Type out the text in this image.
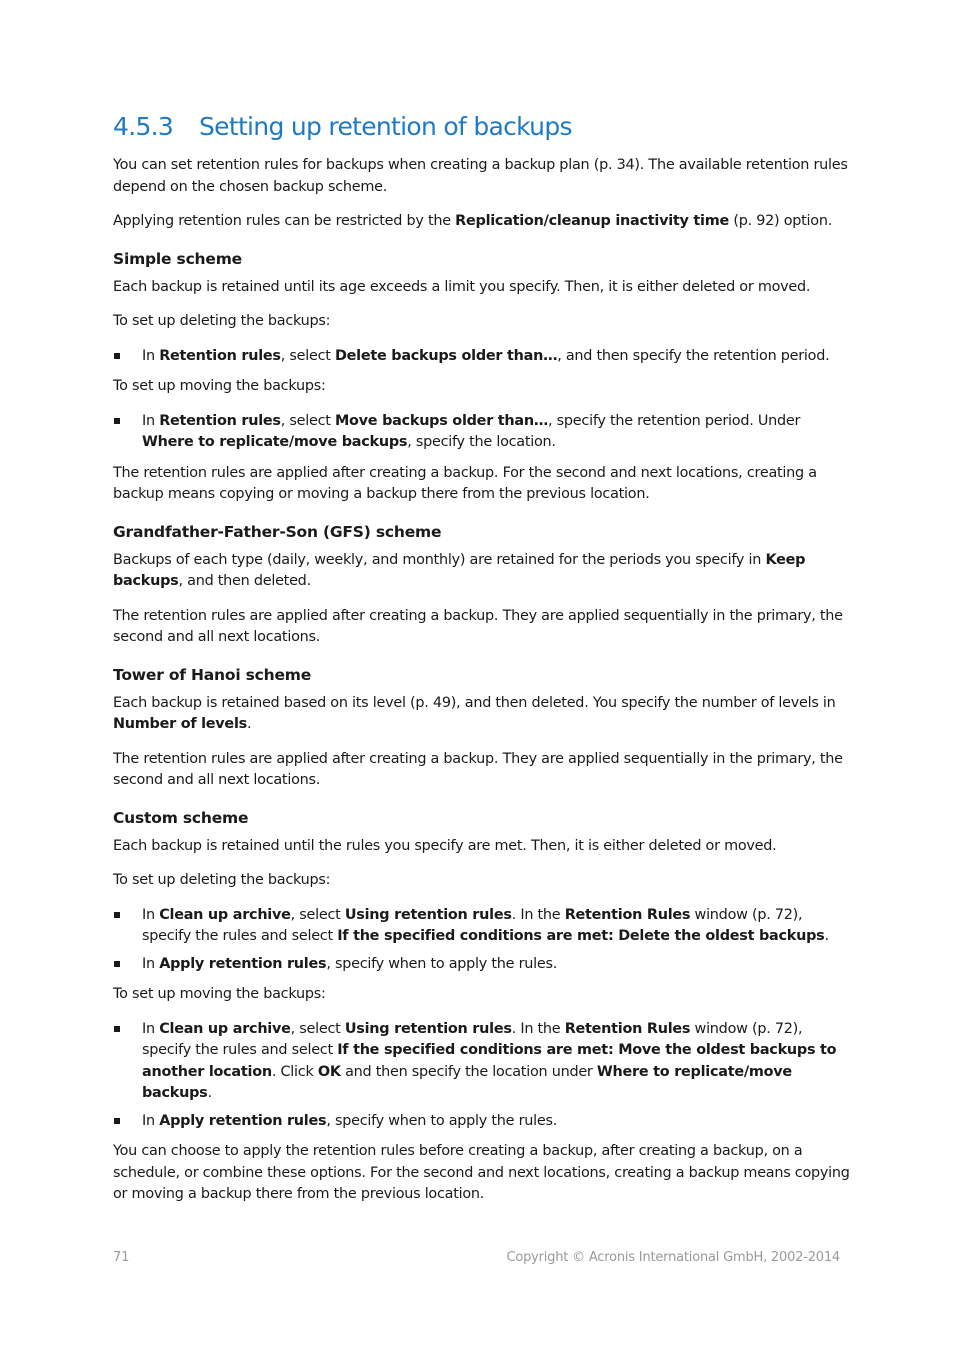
4.5.3 Setting up retention of backups

You can set retention rules for backups when creating a backup plan (p. 34). The available retention rules depend on the chosen backup scheme.

Applying retention rules can be restricted by the Replication/cleanup inactivity time (p. 92) option.

Simple scheme

Each backup is retained until its age exceeds a limit you specify. Then, it is either deleted or moved.

To set up deleting the backups:

In Retention rules, select Delete backups older than…, and then specify the retention period.

To set up moving the backups:

In Retention rules, select Move backups older than…, specify the retention period. Under Where to replicate/move backups, specify the location.

The retention rules are applied after creating a backup. For the second and next locations, creating a backup means copying or moving a backup there from the previous location.

Grandfather-Father-Son (GFS) scheme

Backups of each type (daily, weekly, and monthly) are retained for the periods you specify in Keep backups, and then deleted.

The retention rules are applied after creating a backup. They are applied sequentially in the primary, the second and all next locations.

Tower of Hanoi scheme

Each backup is retained based on its level (p. 49), and then deleted. You specify the number of levels in Number of levels.

The retention rules are applied after creating a backup. They are applied sequentially in the primary, the second and all next locations.

Custom scheme

Each backup is retained until the rules you specify are met. Then, it is either deleted or moved.

To set up deleting the backups:

In Clean up archive, select Using retention rules. In the Retention Rules window (p. 72), specify the rules and select If the specified conditions are met: Delete the oldest backups.
In Apply retention rules, specify when to apply the rules.

To set up moving the backups:

In Clean up archive, select Using retention rules. In the Retention Rules window (p. 72), specify the rules and select If the specified conditions are met: Move the oldest backups to another location. Click OK and then specify the location under Where to replicate/move backups.
In Apply retention rules, specify when to apply the rules.

You can choose to apply the retention rules before creating a backup, after creating a backup, on a schedule, or combine these options. For the second and next locations, creating a backup means copying or moving a backup there from the previous location.

71	Copyright © Acronis International GmbH, 2002-2014
